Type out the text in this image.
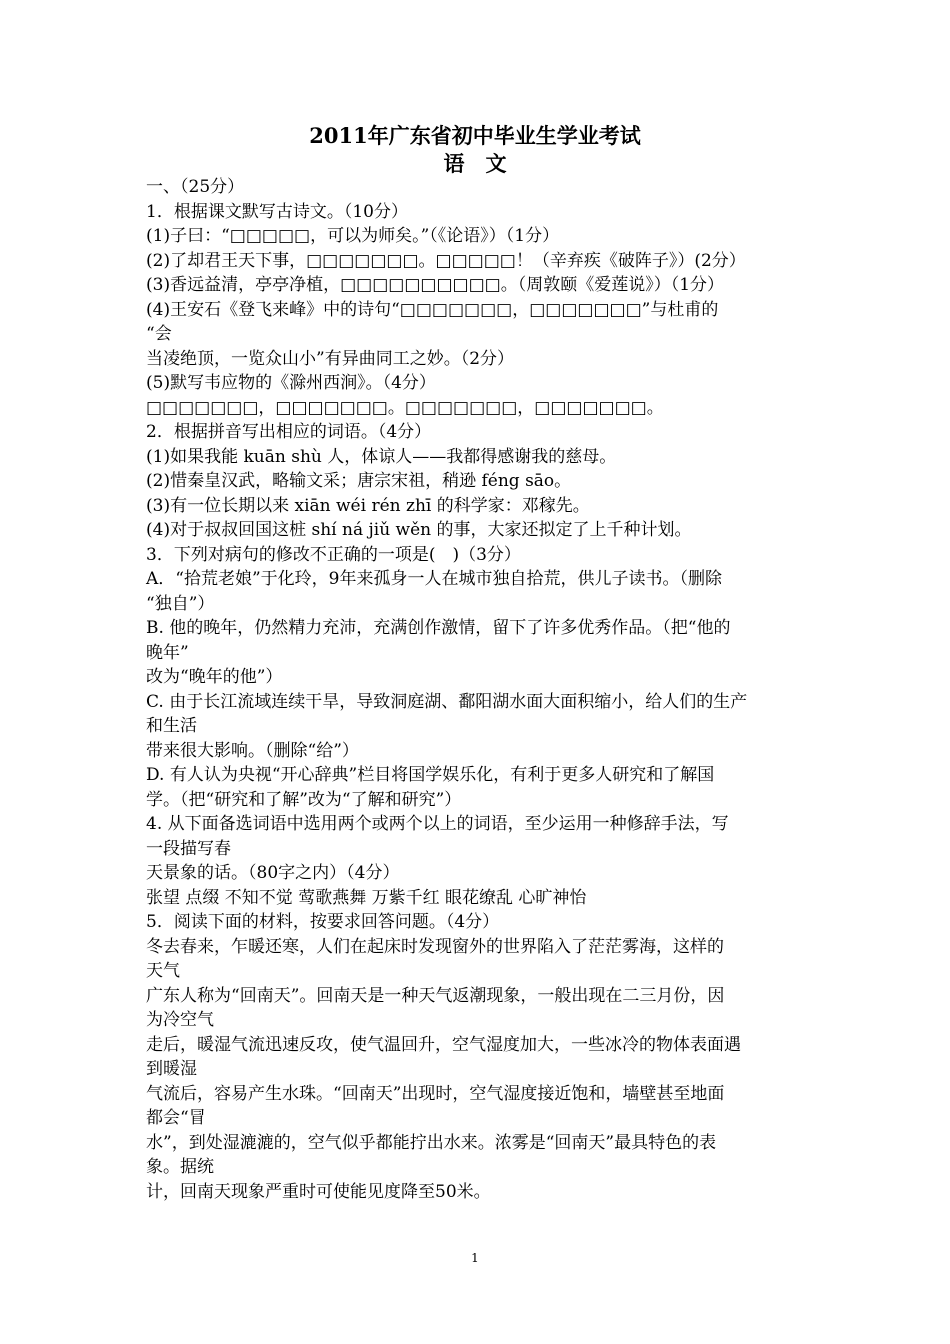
2011年广东省初中毕业生学业考试
语　文
一、（25分）
1．根据课文默写古诗文。（10分）
(1)子曰：“□□□□□，可以为师矣。”（《论语》）（1分）
(2)了却君王天下事，□□□□□□□。□□□□□！（辛弃疾《破阵子》）(2分）
(3)香远益清，亭亭净植，□□□□□□□□□□。（周敦颐《爱莲说》）（1分）
(4)王安石《登飞来峰》中的诗句“□□□□□□□，□□□□□□□”与杜甫的
“会
当凌绝顶，一览众山小”有异曲同工之妙。（2分）
(5)默写韦应物的《滁州西涧》。（4分）
□□□□□□□，□□□□□□□。□□□□□□□，□□□□□□□。
2．根据拼音写出相应的词语。（4分）
(1)如果我能 kuān shù 人，体谅人——我都得感谢我的慈母。
(2)惜秦皇汉武，略输文采；唐宗宋祖，稍逊 féng sāo。
(3)有一位长期以来 xiān wéi rén zhī 的科学家：邓稼先。
(4)对于叔叔回国这桩 shí ná jiǔ wěn 的事，大家还拟定了上千种计划。
3．下列对病句的修改不正确的一项是(　)（3分）
A．“拾荒老娘”于化玲，9年来孤身一人在城市独自拾荒，供儿子读书。（删除
“独自”）
B. 他的晚年，仍然精力充沛，充满创作激情，留下了许多优秀作品。（把“他的
晚年”
改为“晚年的他”）
C. 由于长江流域连续干旱，导致洞庭湖、鄱阳湖水面大面积缩小，给人们的生产
和生活
带来很大影响。（删除“给”）
D. 有人认为央视“开心辞典”栏目将国学娱乐化，有利于更多人研究和了解国
学。（把“研究和了解”改为“了解和研究”）
4. 从下面备选词语中选用两个或两个以上的词语，至少运用一种修辞手法，写
一段描写春
天景象的话。（80字之内）（4分）
张望 点缀 不知不觉 莺歌燕舞 万紫千红 眼花缭乱 心旷神怡
5．阅读下面的材料，按要求回答问题。（4分）
冬去春来，乍暖还寒，人们在起床时发现窗外的世界陷入了茫茫雾海，这样的
天气
广东人称为“回南天”。回南天是一种天气返潮现象，一般出现在二三月份，因
为冷空气
走后，暖湿气流迅速反攻，使气温回升，空气湿度加大，一些冰冷的物体表面遇
到暖湿
气流后，容易产生水珠。“回南天”出现时，空气湿度接近饱和，墙壁甚至地面
都会“冒
水”，到处湿漉漉的，空气似乎都能拧出水来。浓雾是“回南天”最具特色的表
象。据统
计，回南天现象严重时可使能见度降至50米。
1
